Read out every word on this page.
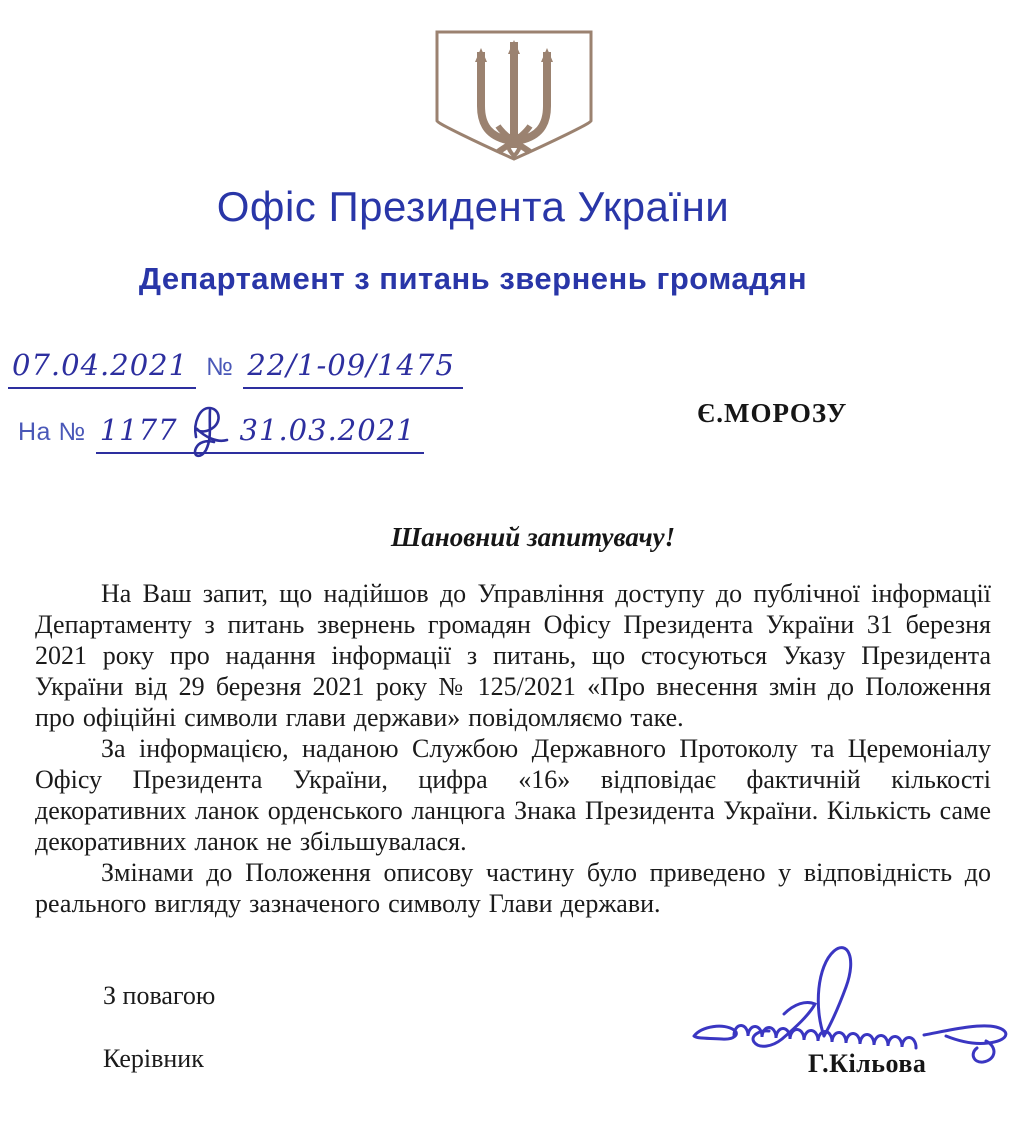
Офіс Президента України
Департамент з питань звернень громадян
07.04.2021 № 22/1-09/1475
Є.МОРОЗУ
На № 1177 31.03.2021
Шановний запитувачу!

На Ваш запит, що надійшов до Управління доступу до публічної інформації Департаменту з питань звернень громадян Офісу Президента України 31 березня 2021 року про надання інформації з питань, що стосуються Указу Президента України від 29 березня 2021 року № 125/2021 «Про внесення змін до Положення про офіційні символи глави держави» повідомляємо таке.

За інформацією, наданою Службою Державного Протоколу та Церемоніалу Офісу Президента України, цифра «16» відповідає фактичній кількості декоративних ланок орденського ланцюга Знака Президента України. Кількість саме декоративних ланок не збільшувалася.

Змінами до Положення описову частину було приведено у відповідність до реального вигляду зазначеного символу Глави держави.

З повагою
Керівник	Г.Кільова
